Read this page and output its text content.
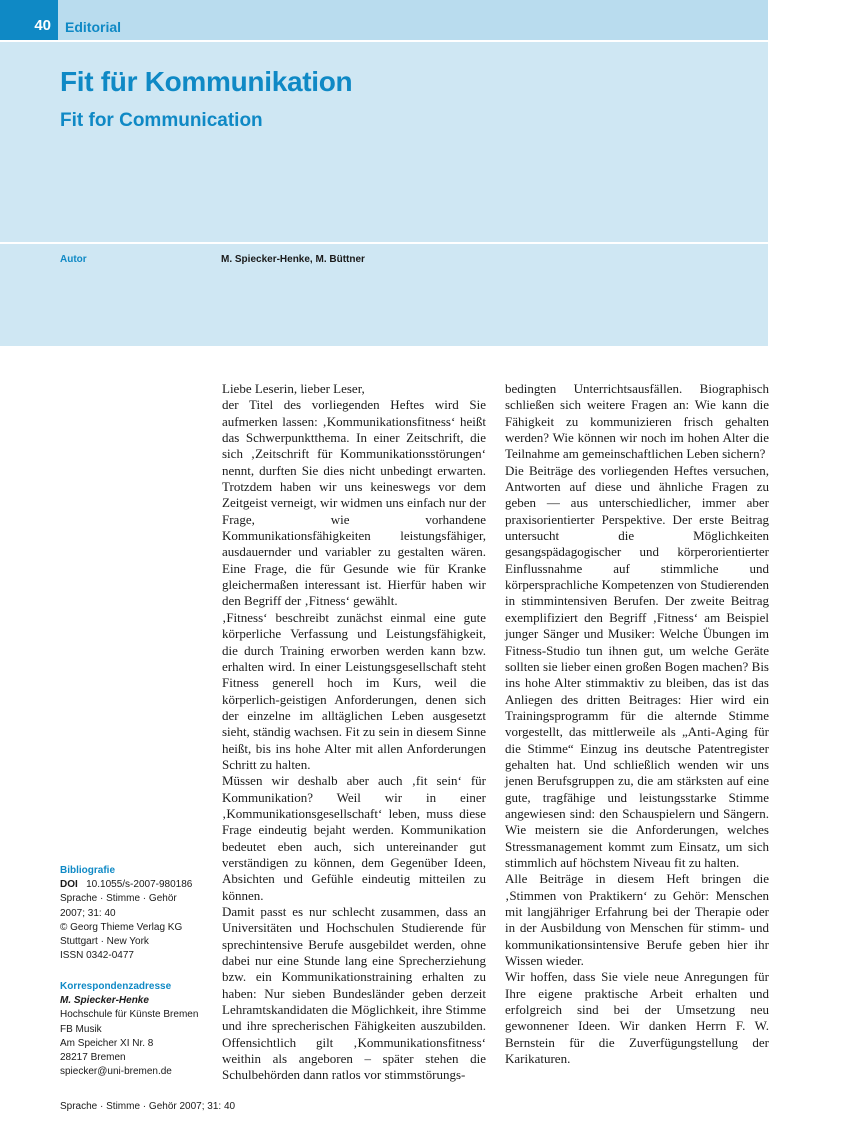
40	Editorial
Fit für Kommunikation
Fit for Communication
Autor	M. Spiecker-Henke, M. Büttner

Liebe Leserin, lieber Leser,

der Titel des vorliegenden Heftes wird Sie aufmerken lassen: ‚Kommunikationsfitness‘ heißt das Schwerpunktthema. In einer Zeitschrift, die sich ‚Zeitschrift für Kommunikationsstörungen‘ nennt, durften Sie dies nicht unbedingt erwarten. Trotzdem haben wir uns keineswegs vor dem Zeitgeist verneigt, wir widmen uns einfach nur der Frage, wie vorhandene Kommunikationsfähigkeiten leistungsfähiger, ausdauernder und variabler zu gestalten wären. Eine Frage, die für Gesunde wie für Kranke gleichermaßen interessant ist. Hierfür haben wir den Begriff der ‚Fitness‘ gewählt.

‚Fitness‘ beschreibt zunächst einmal eine gute körperliche Verfassung und Leistungsfähigkeit, die durch Training erworben werden kann bzw. erhalten wird. In einer Leistungsgesellschaft steht Fitness generell hoch im Kurs, weil die körperlich-geistigen Anforderungen, denen sich der einzelne im alltäglichen Leben ausgesetzt sieht, ständig wachsen. Fit zu sein in diesem Sinne heißt, bis ins hohe Alter mit allen Anforderungen Schritt zu halten.

Müssen wir deshalb aber auch ‚fit sein‘ für Kommunikation? Weil wir in einer ‚Kommunikationsgesellschaft‘ leben, muss diese Frage eindeutig bejaht werden. Kommunikation bedeutet eben auch, sich untereinander gut verständigen zu können, dem Gegenüber Ideen, Absichten und Gefühle eindeutig mitteilen zu können.

Damit passt es nur schlecht zusammen, dass an Universitäten und Hochschulen Studierende für sprechintensive Berufe ausgebildet werden, ohne dabei nur eine Stunde lang eine Sprecherziehung bzw. ein Kommunikationstraining erhalten zu haben: Nur sieben Bundesländer geben derzeit Lehramtskandidaten die Möglichkeit, ihre Stimme und ihre sprecherischen Fähigkeiten auszubilden. Offensichtlich gilt ‚Kommunikationsfitness‘ weithin als angeboren – später stehen die Schulbehörden dann ratlos vor stimmstörungs-

bedingten Unterrichtsausfällen. Biographisch schließen sich weitere Fragen an: Wie kann die Fähigkeit zu kommunizieren frisch gehalten werden? Wie können wir noch im hohen Alter die Teilnahme am gemeinschaftlichen Leben sichern?

Die Beiträge des vorliegenden Heftes versuchen, Antworten auf diese und ähnliche Fragen zu geben — aus unterschiedlicher, immer aber praxisorientierter Perspektive. Der erste Beitrag untersucht die Möglichkeiten gesangspädagogischer und körperorientierter Einflussnahme auf stimmliche und körpersprachliche Kompetenzen von Studierenden in stimmintensiven Berufen. Der zweite Beitrag exemplifiziert den Begriff ‚Fitness‘ am Beispiel junger Sänger und Musiker: Welche Übungen im Fitness-Studio tun ihnen gut, um welche Geräte sollten sie lieber einen großen Bogen machen? Bis ins hohe Alter stimmaktiv zu bleiben, das ist das Anliegen des dritten Beitrages: Hier wird ein Trainingsprogramm für die alternde Stimme vorgestellt, das mittlerweile als „Anti-Aging für die Stimme“ Einzug ins deutsche Patentregister gehalten hat. Und schließlich wenden wir uns jenen Berufsgruppen zu, die am stärksten auf eine gute, tragfähige und leistungsstarke Stimme angewiesen sind: den Schauspielern und Sängern. Wie meistern sie die Anforderungen, welches Stressmanagement kommt zum Einsatz, um sich stimmlich auf höchstem Niveau fit zu halten.

Alle Beiträge in diesem Heft bringen die ‚Stimmen von Praktikern‘ zu Gehör: Menschen mit langjähriger Erfahrung bei der Therapie oder in der Ausbildung von Menschen für stimm- und kommunikationsintensive Berufe geben hier ihr Wissen wieder.

Wir hoffen, dass Sie viele neue Anregungen für Ihre eigene praktische Arbeit erhalten und erfolgreich sind bei der Umsetzung neu gewonnener Ideen. Wir danken Herrn F. W. Bernstein für die Zuverfügungstellung der Karikaturen.

Bibliografie
DOI 10.1055/s-2007-980186
Sprache · Stimme · Gehör
2007; 31: 40
© Georg Thieme Verlag KG
Stuttgart · New York
ISSN 0342-0477
Korrespondenzadresse
M. Spiecker-Henke
Hochschule für Künste Bremen
FB Musik
Am Speicher XI Nr. 8
28217 Bremen
spiecker@uni-bremen.de
Sprache · Stimme · Gehör 2007; 31: 40
